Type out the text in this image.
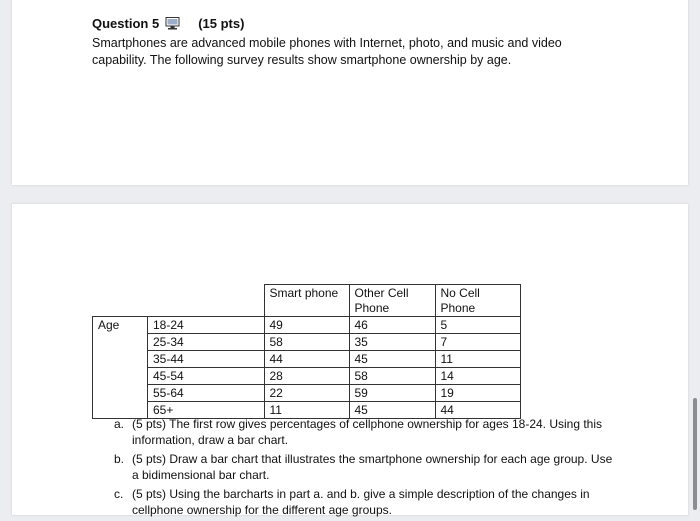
Question 5	(15 pts)
Smartphones are advanced mobile phones with Internet, photo, and music and video capability. The following survey results show smartphone ownership by age.
		Smart phone	Other Cell Phone	No Cell Phone
Age	18-24	49	46	5
	25-34	58	35	7
	35-44	44	45	11
	45-54	28	58	14
	55-64	22	59	19
	65+	11	45	44
a. (5 pts) The first row gives percentages of cellphone ownership for ages 18-24. Using this information, draw a bar chart.
b. (5 pts) Draw a bar chart that illustrates the smartphone ownership for each age group. Use a bidimensional bar chart.
c. (5 pts) Using the barcharts in part a. and b. give a simple description of the changes in cellphone ownership for the different age groups.
